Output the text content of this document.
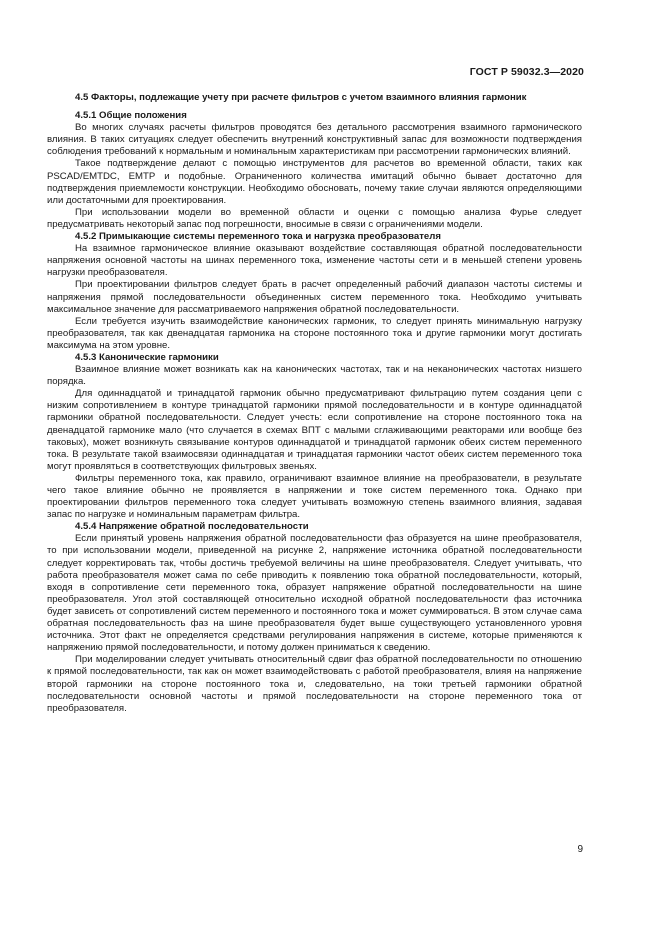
ГОСТ Р 59032.3—2020
4.5 Факторы, подлежащие учету при расчете фильтров с учетом взаимного влияния гармоник
4.5.1 Общие положения

Во многих случаях расчеты фильтров проводятся без детального рассмотрения взаимного гармонического влияния. В таких ситуациях следует обеспечить внутренний конструктивный запас для возможности подтверждения соблюдения требований к нормальным и номинальным характеристикам при рассмотрении гармонических влияний.

Такое подтверждение делают с помощью инструментов для расчетов во временной области, таких как PSCAD/EMTDC, EMTP и подобные. Ограниченного количества имитаций обычно бывает достаточно для подтверждения приемлемости конструкции. Необходимо обосновать, почему такие случаи являются определяющими или достаточными для проектирования.

При использовании модели во временной области и оценки с помощью анализа Фурье следует предусматривать некоторый запас под погрешности, вносимые в связи с ограничениями модели.

4.5.2 Примыкающие системы переменного тока и нагрузка преобразователя

На взаимное гармоническое влияние оказывают воздействие составляющая обратной последовательности напряжения основной частоты на шинах переменного тока, изменение частоты сети и в меньшей степени уровень нагрузки преобразователя.

При проектировании фильтров следует брать в расчет определенный рабочий диапазон частоты системы и напряжения прямой последовательности объединенных систем переменного тока. Необходимо учитывать максимальное значение для рассматриваемого напряжения обратной последовательности.

Если требуется изучить взаимодействие канонических гармоник, то следует принять минимальную нагрузку преобразователя, так как двенадцатая гармоника на стороне постоянного тока и другие гармоники могут достигать максимума на этом уровне.

4.5.3 Канонические гармоники

Взаимное влияние может возникать как на канонических частотах, так и на неканонических частотах низшего порядка.

Для одиннадцатой и тринадцатой гармоник обычно предусматривают фильтрацию путем создания цепи с низким сопротивлением в контуре тринадцатой гармоники прямой последовательности и в контуре одиннадцатой гармоники обратной последовательности. Следует учесть: если сопротивление на стороне постоянного тока на двенадцатой гармонике мало (что случается в схемах ВПТ с малыми сглаживающими реакторами или вообще без таковых), может возникнуть связывание контуров одиннадцатой и тринадцатой гармоник обеих систем переменного тока. В результате такой взаимосвязи одиннадцатая и тринадцатая гармоники частот обеих систем переменного тока могут проявляться в соответствующих фильтровых звеньях.

Фильтры переменного тока, как правило, ограничивают взаимное влияние на преобразователи, в результате чего такое влияние обычно не проявляется в напряжении и токе систем переменного тока. Однако при проектировании фильтров переменного тока следует учитывать возможную степень взаимного влияния, задавая запас по нагрузке и номинальным параметрам фильтра.

4.5.4 Напряжение обратной последовательности

Если принятый уровень напряжения обратной последовательности фаз образуется на шине преобразователя, то при использовании модели, приведенной на рисунке 2, напряжение источника обратной последовательности следует корректировать так, чтобы достичь требуемой величины на шине преобразователя. Следует учитывать, что работа преобразователя может сама по себе приводить к появлению тока обратной последовательности, который, входя в сопротивление сети переменного тока, образует напряжение обратной последовательности на шине преобразователя. Угол этой составляющей относительно исходной обратной последовательности фаз источника будет зависеть от сопротивлений систем переменного и постоянного тока и может суммироваться. В этом случае сама обратная последовательность фаз на шине преобразователя будет выше существующего установленного уровня источника. Этот факт не определяется средствами регулирования напряжения в системе, которые применяются к напряжению прямой последовательности, и потому должен приниматься к сведению.

При моделировании следует учитывать относительный сдвиг фаз обратной последовательности по отношению к прямой последовательности, так как он может взаимодействовать с работой преобразователя, влияя на напряжение второй гармоники на стороне постоянного тока и, следовательно, на токи третьей гармоники обратной последовательности основной частоты и прямой последовательности на стороне переменного тока от преобразователя.

9
